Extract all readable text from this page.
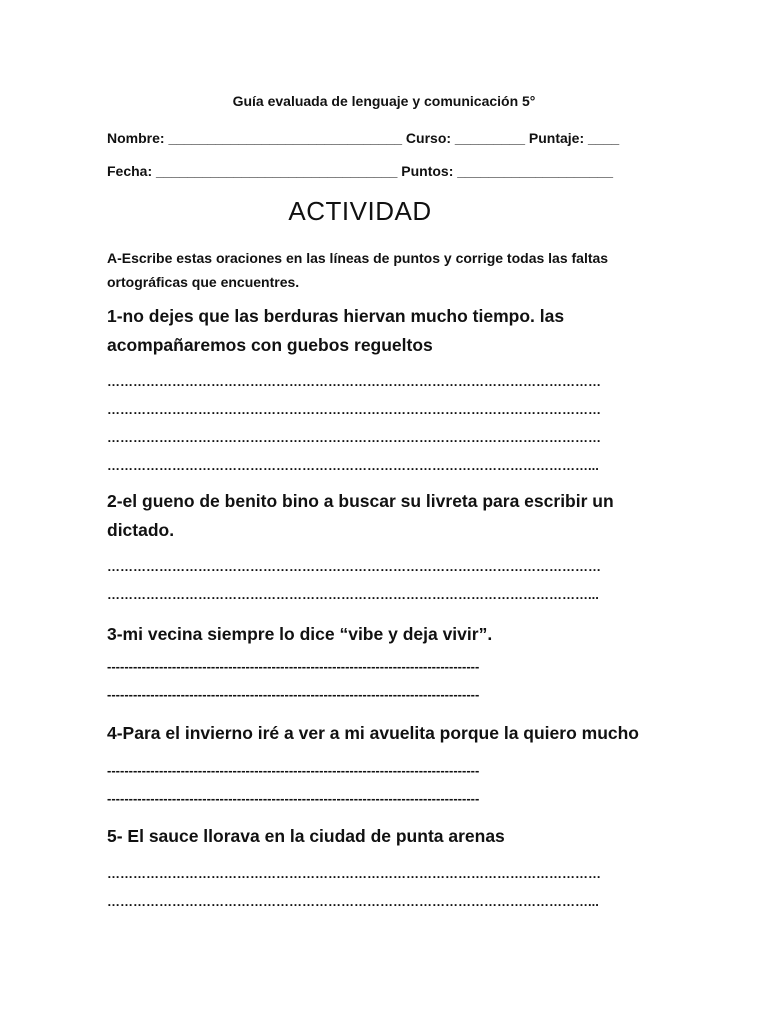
Guía evaluada de lenguaje y comunicación 5°
Nombre: ______________________________ Curso: _________ Puntaje: ____
Fecha: _______________________________ Puntos: ____________________
ACTIVIDAD
A-Escribe estas oraciones en las líneas de puntos y corrige todas las faltas ortográficas que encuentres.
1-no dejes que las berduras hiervan mucho tiempo. las acompañaremos con guebos regueltos
……………………………………………………………………………………………………
……………………………………………………………………………………………………
……………………………………………………………………………………………………
…………………………………………………………………………………………………...
2-el gueno de benito bino a buscar su livreta para escribir un dictado.
……………………………………………………………………………………………………
…………………………………………………………………………………………………...
3-mi vecina siempre lo dice “vibe y deja vivir”.
--------------------------------------------------------------------------------------
--------------------------------------------------------------------------------------
4-Para el invierno iré a ver a mi avuelita porque la quiero mucho
--------------------------------------------------------------------------------------
--------------------------------------------------------------------------------------
5- El sauce llorava en la ciudad de punta arenas
……………………………………………………………………………………………………
…………………………………………………………………………………………………...
